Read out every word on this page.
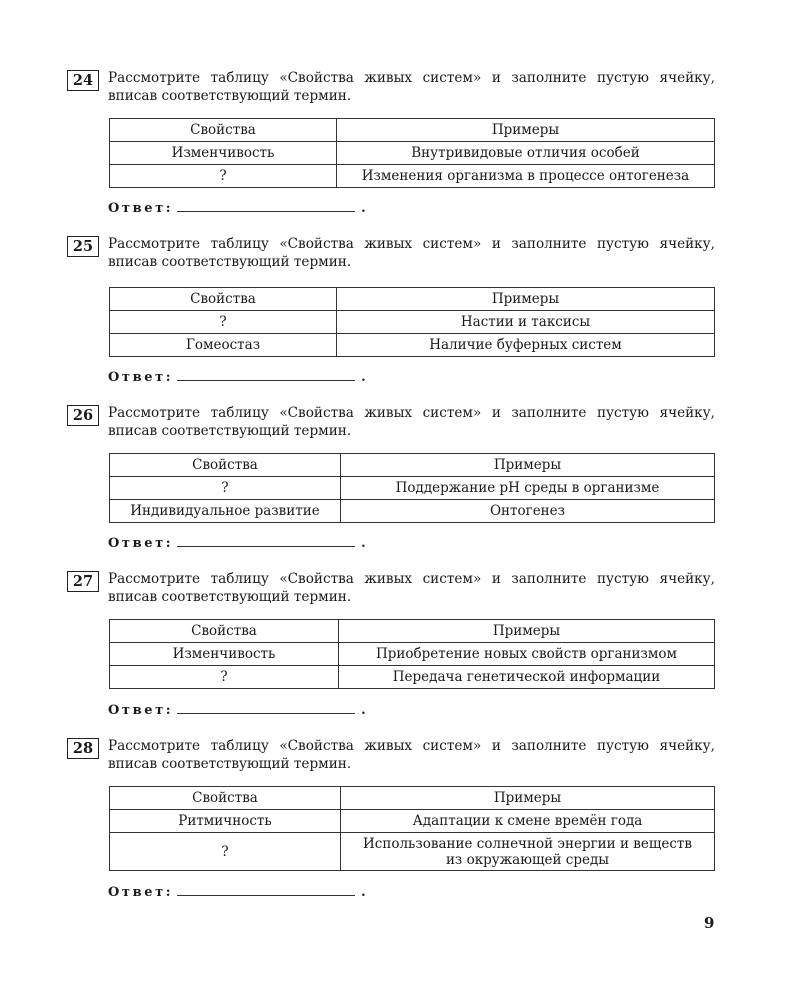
24	Рассмотрите таблицу «Свойства живых систем» и заполните пустую ячейку, вписав соответствующий термин.
Свойства	Примеры
Изменчивость	Внутривидовые отличия особей
?	Изменения организма в процессе онтогенеза
Ответ:	.
25	Рассмотрите таблицу «Свойства живых систем» и заполните пустую ячейку, вписав соответствующий термин.
Свойства	Примеры
?	Настии и таксисы
Гомеостаз	Наличие буферных систем
Ответ:	.
26	Рассмотрите таблицу «Свойства живых систем» и заполните пустую ячейку, вписав соответствующий термин.
Свойства	Примеры
?	Поддержание pH среды в организме
Индивидуальное развитие	Онтогенез
Ответ:	.
27	Рассмотрите таблицу «Свойства живых систем» и заполните пустую ячейку, вписав соответствующий термин.
Свойства	Примеры
Изменчивость	Приобретение новых свойств организмом
?	Передача генетической информации
Ответ:	.
28	Рассмотрите таблицу «Свойства живых систем» и заполните пустую ячейку, вписав соответствующий термин.
Свойства	Примеры
Ритмичность	Адаптации к смене времён года
?	Использование солнечной энергии и веществ из окружающей среды
Ответ:	.
9
